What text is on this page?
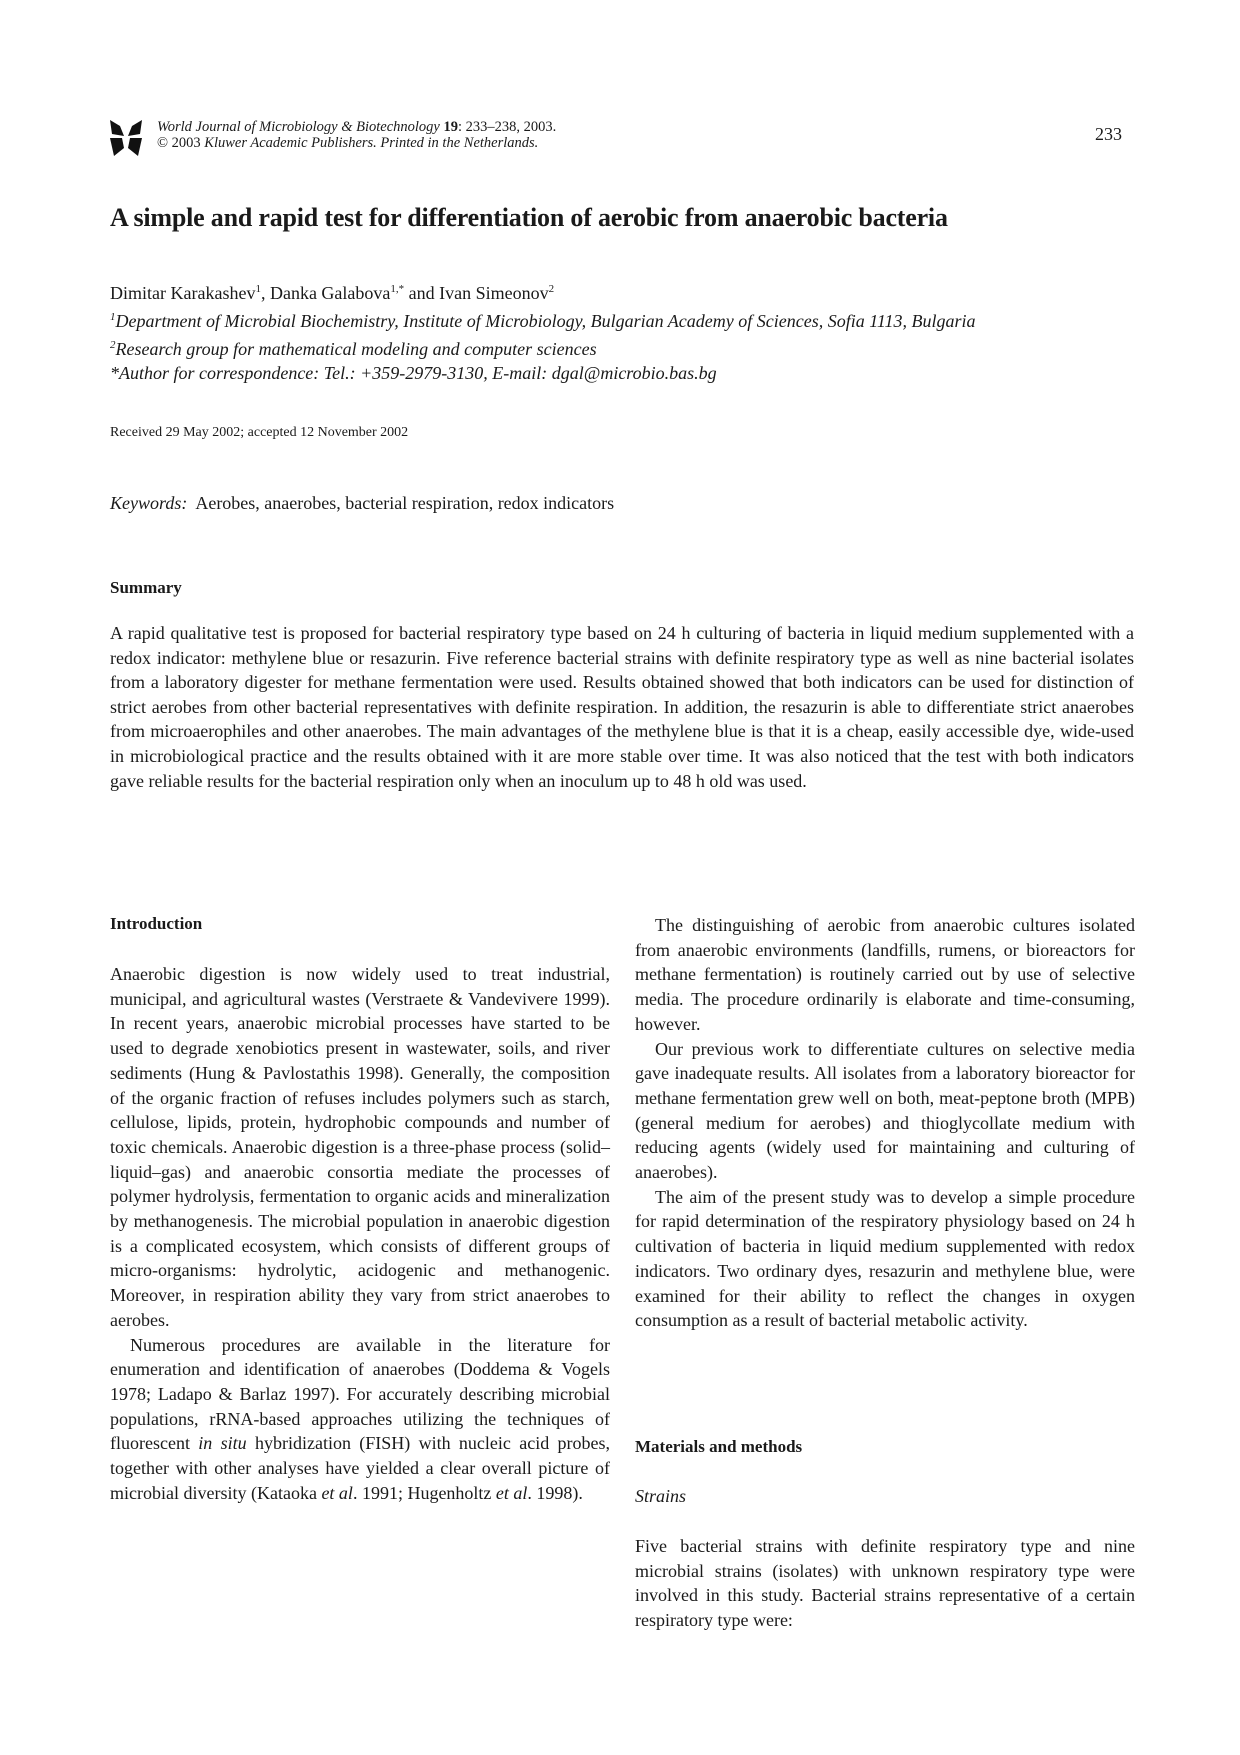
World Journal of Microbiology & Biotechnology 19: 233–238, 2003.
© 2003 Kluwer Academic Publishers. Printed in the Netherlands.	233
A simple and rapid test for differentiation of aerobic from anaerobic bacteria
Dimitar Karakashev$^1$, Danka Galabova$^{1,*}$ and Ivan Simeonov$^2$
$^1$Department of Microbial Biochemistry, Institute of Microbiology, Bulgarian Academy of Sciences, Sofia 1113, Bulgaria
$^2$Research group for mathematical modeling and computer sciences
*Author for correspondence: Tel.: +359-2979-3130, E-mail: dgal@microbio.bas.bg
Received 29 May 2002; accepted 12 November 2002
Keywords: Aerobes, anaerobes, bacterial respiration, redox indicators
Summary
A rapid qualitative test is proposed for bacterial respiratory type based on 24 h culturing of bacteria in liquid medium supplemented with a redox indicator: methylene blue or resazurin. Five reference bacterial strains with definite respiratory type as well as nine bacterial isolates from a laboratory digester for methane fermentation were used. Results obtained showed that both indicators can be used for distinction of strict aerobes from other bacterial representatives with definite respiration. In addition, the resazurin is able to differentiate strict anaerobes from microaerophiles and other anaerobes. The main advantages of the methylene blue is that it is a cheap, easily accessible dye, wide-used in microbiological practice and the results obtained with it are more stable over time. It was also noticed that the test with both indicators gave reliable results for the bacterial respiration only when an inoculum up to 48 h old was used.
Introduction

Anaerobic digestion is now widely used to treat industrial, municipal, and agricultural wastes (Verstraete & Vandevivere 1999). In recent years, anaerobic microbial processes have started to be used to degrade xenobiotics present in wastewater, soils, and river sediments (Hung & Pavlostathis 1998). Generally, the composition of the organic fraction of refuses includes polymers such as starch, cellulose, lipids, protein, hydrophobic compounds and number of toxic chemicals. Anaerobic digestion is a three-phase process (solid–liquid–gas) and anaerobic consortia mediate the processes of polymer hydrolysis, fermentation to organic acids and mineralization by methanogenesis. The microbial population in anaerobic digestion is a complicated ecosystem, which consists of different groups of micro-organisms: hydrolytic, acidogenic and methanogenic. Moreover, in respiration ability they vary from strict anaerobes to aerobes.

Numerous procedures are available in the literature for enumeration and identification of anaerobes (Doddema & Vogels 1978; Ladapo & Barlaz 1997). For accurately describing microbial populations, rRNA-based approaches utilizing the techniques of fluorescent in situ hybridization (FISH) with nucleic acid probes, together with other analyses have yielded a clear overall picture of microbial diversity (Kataoka et al. 1991; Hugenholtz et al. 1998).

The distinguishing of aerobic from anaerobic cultures isolated from anaerobic environments (landfills, rumens, or bioreactors for methane fermentation) is routinely carried out by use of selective media. The procedure ordinarily is elaborate and time-consuming, however.

Our previous work to differentiate cultures on selective media gave inadequate results. All isolates from a laboratory bioreactor for methane fermentation grew well on both, meat-peptone broth (MPB) (general medium for aerobes) and thioglycollate medium with reducing agents (widely used for maintaining and culturing of anaerobes).

The aim of the present study was to develop a simple procedure for rapid determination of the respiratory physiology based on 24 h cultivation of bacteria in liquid medium supplemented with redox indicators. Two ordinary dyes, resazurin and methylene blue, were examined for their ability to reflect the changes in oxygen consumption as a result of bacterial metabolic activity.

Materials and methods
Strains

Five bacterial strains with definite respiratory type and nine microbial strains (isolates) with unknown respiratory type were involved in this study. Bacterial strains representative of a certain respiratory type were:
